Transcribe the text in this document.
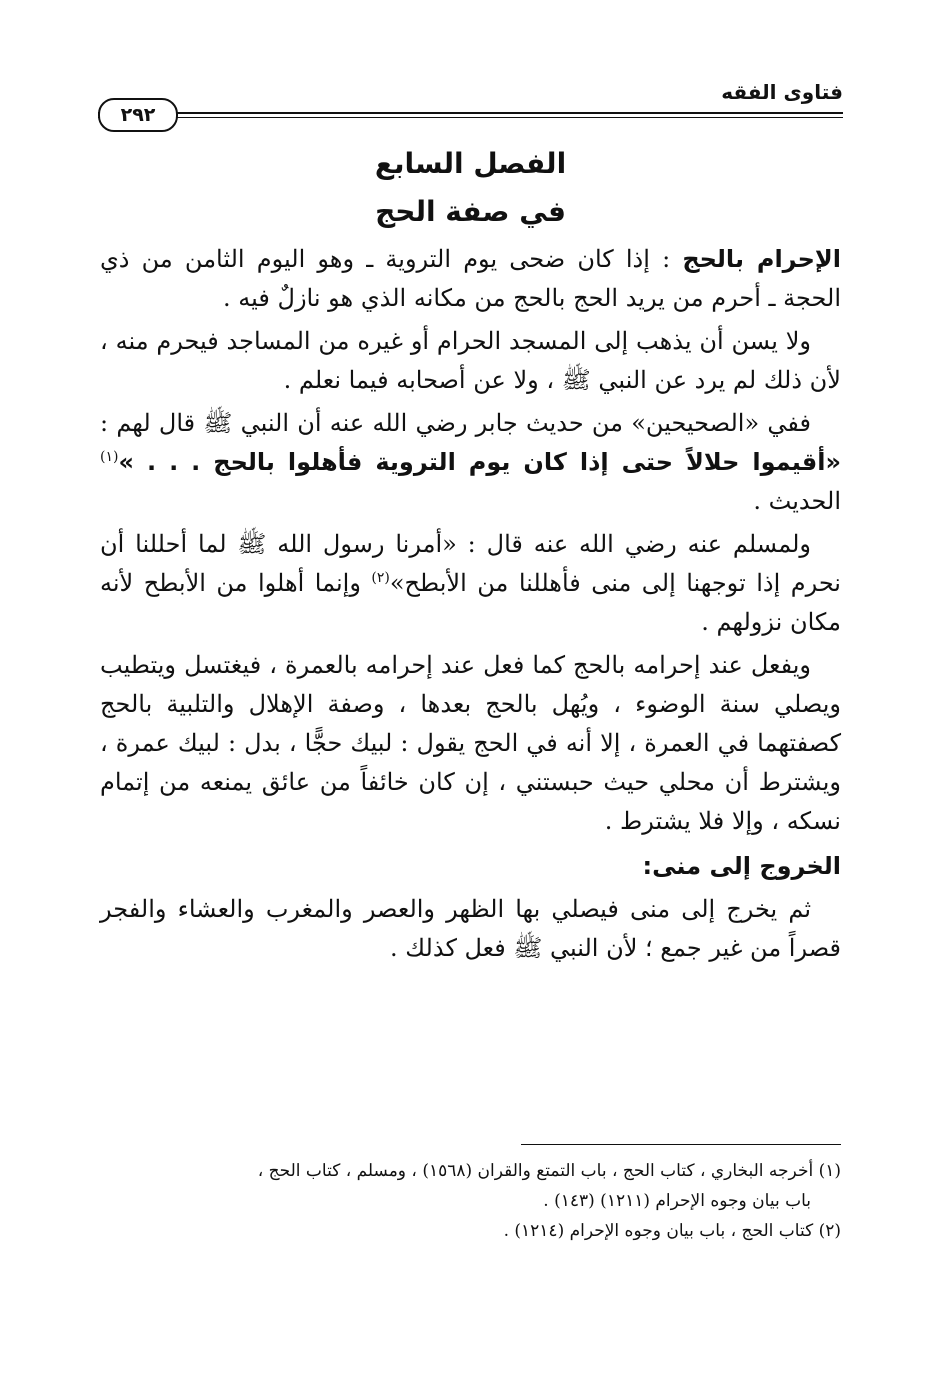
فتاوى الفقه
٢٩٢
الفصل السابع
في صفة الحج

الإحرام بالحج : إذا كان ضحى يوم التروية ـ وهو اليوم الثامن من ذي الحجة ـ أحرم من يريد الحج بالحج من مكانه الذي هو نازلٌ فيه .

ولا يسن أن يذهب إلى المسجد الحرام أو غيره من المساجد فيحرم منه ، لأن ذلك لم يرد عن النبي ﷺ ، ولا عن أصحابه فيما نعلم .

ففي «الصحيحين» من حديث جابر رضي الله عنه أن النبي ﷺ قال لهم : «أقيموا حلالاً حتى إذا كان يوم التروية فأهلوا بالحج . . . »$^{(١)}$ الحديث .

ولمسلم عنه رضي الله عنه قال : «أمرنا رسول الله ﷺ لما أحللنا أن نحرم إذا توجهنا إلى منى فأهللنا من الأبطح»$^{(٢)}$ وإنما أهلوا من الأبطح لأنه مكان نزولهم .

ويفعل عند إحرامه بالحج كما فعل عند إحرامه بالعمرة ، فيغتسل ويتطيب ويصلي سنة الوضوء ، ويُهل بالحج بعدها ، وصفة الإهلال والتلبية بالحج كصفتهما في العمرة ، إلا أنه في الحج يقول : لبيك حجًّا ، بدل : لبيك عمرة ، ويشترط أن محلي حيث حبستني ، إن كان خائفاً من عائق يمنعه من إتمام نسكه ، وإلا فلا يشترط .

الخروج إلى منى:

ثم يخرج إلى منى فيصلي بها الظهر والعصر والمغرب والعشاء والفجر قصراً من غير جمع ؛ لأن النبي ﷺ فعل كذلك .

(١) أخرجه البخاري ، كتاب الحج ، باب التمتع والقران (١٥٦٨) ، ومسلم ، كتاب الحج ،

باب بيان وجوه الإحرام (١٢١١) (١٤٣) .

(٢) كتاب الحج ، باب بيان وجوه الإحرام (١٢١٤) .
